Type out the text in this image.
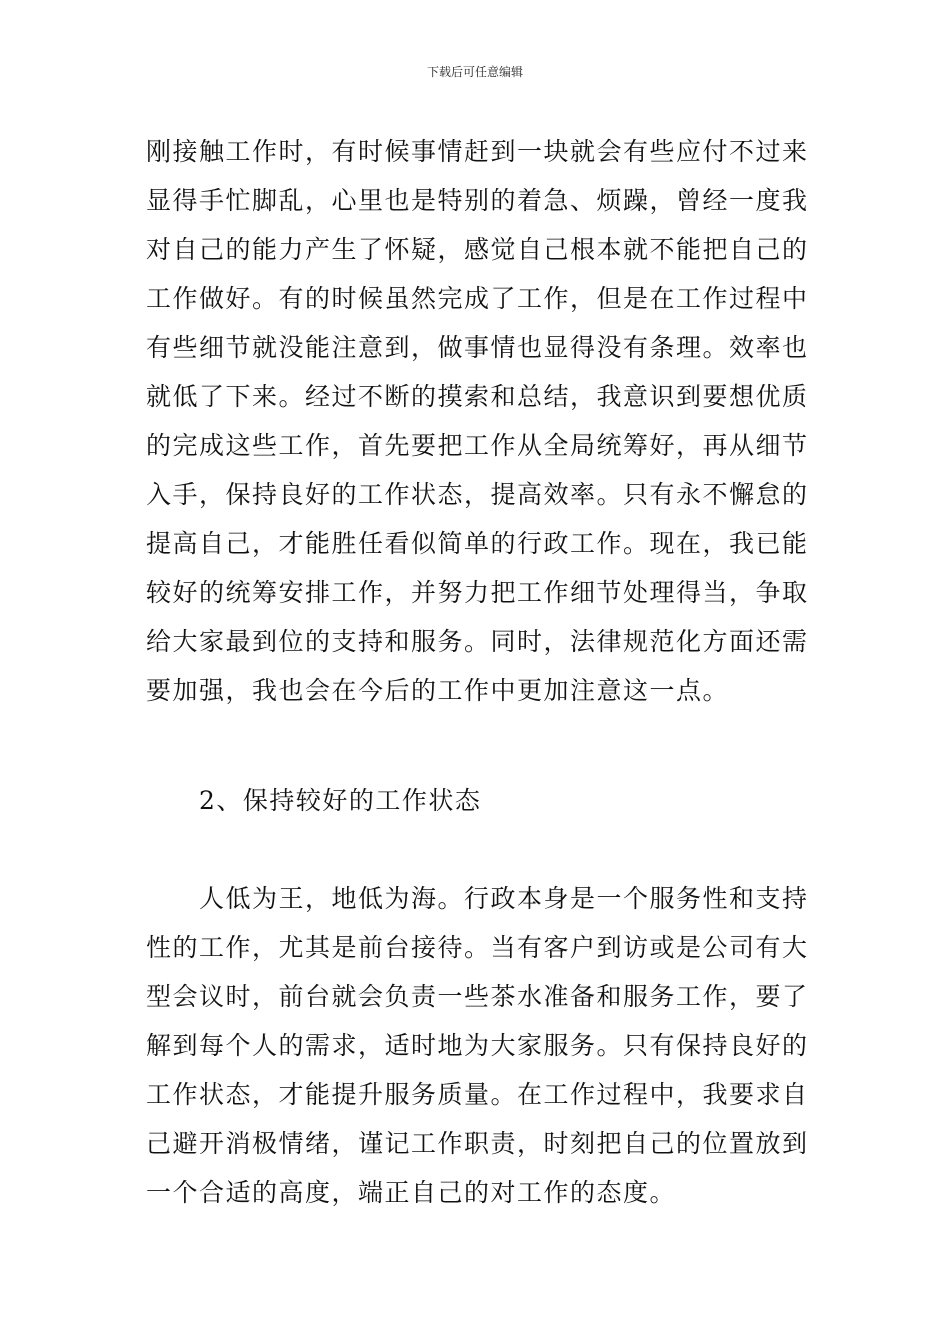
下载后可任意编辑
刚接触工作时，有时候事情赶到一块就会有些应付不过来
显得手忙脚乱，心里也是特别的着急、烦躁，曾经一度我
对自己的能力产生了怀疑，感觉自己根本就不能把自己的
工作做好。有的时候虽然完成了工作，但是在工作过程中
有些细节就没能注意到，做事情也显得没有条理。效率也
就低了下来。经过不断的摸索和总结，我意识到要想优质
的完成这些工作，首先要把工作从全局统筹好，再从细节
入手，保持良好的工作状态，提高效率。只有永不懈怠的
提高自己，才能胜任看似简单的行政工作。现在，我已能
较好的统筹安排工作，并努力把工作细节处理得当，争取
给大家最到位的支持和服务。同时，法律规范化方面还需
要加强，我也会在今后的工作中更加注意这一点。
　　2、保持较好的工作状态
　　人低为王，地低为海。行政本身是一个服务性和支持
性的工作，尤其是前台接待。当有客户到访或是公司有大
型会议时，前台就会负责一些茶水准备和服务工作，要了
解到每个人的需求，适时地为大家服务。只有保持良好的
工作状态，才能提升服务质量。在工作过程中，我要求自
己避开消极情绪，谨记工作职责，时刻把自己的位置放到
一个合适的高度，端正自己的对工作的态度。
